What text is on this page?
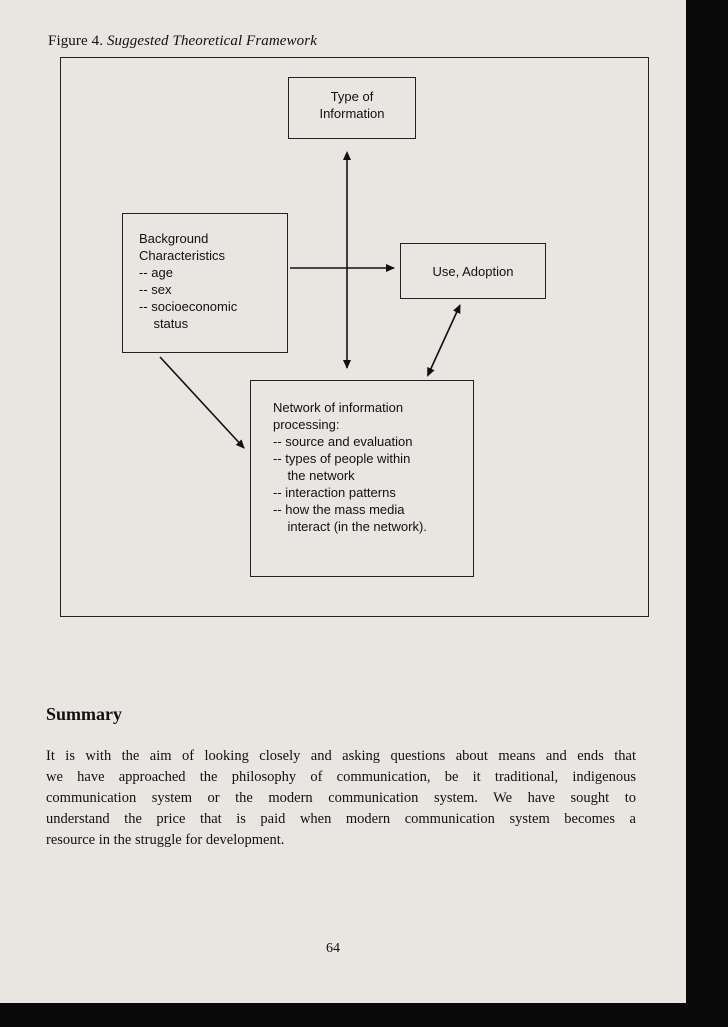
Figure 4. Suggested Theoretical Framework
Type of
Information
Background
Characteristics
-- age
-- sex
-- socioeconomic
status
Use, Adoption
Network of information
processing:
-- source and evaluation
-- types of people within
the network
-- interaction patterns
-- how the mass media
interact (in the network).
Summary
It is with the aim of looking closely and asking questions about means and ends that
we have approached the philosophy of communication, be it traditional, indigenous
communication system or the modern communication system. We have sought to
understand the price that is paid when modern communication system becomes a
resource in the struggle for development.
64
